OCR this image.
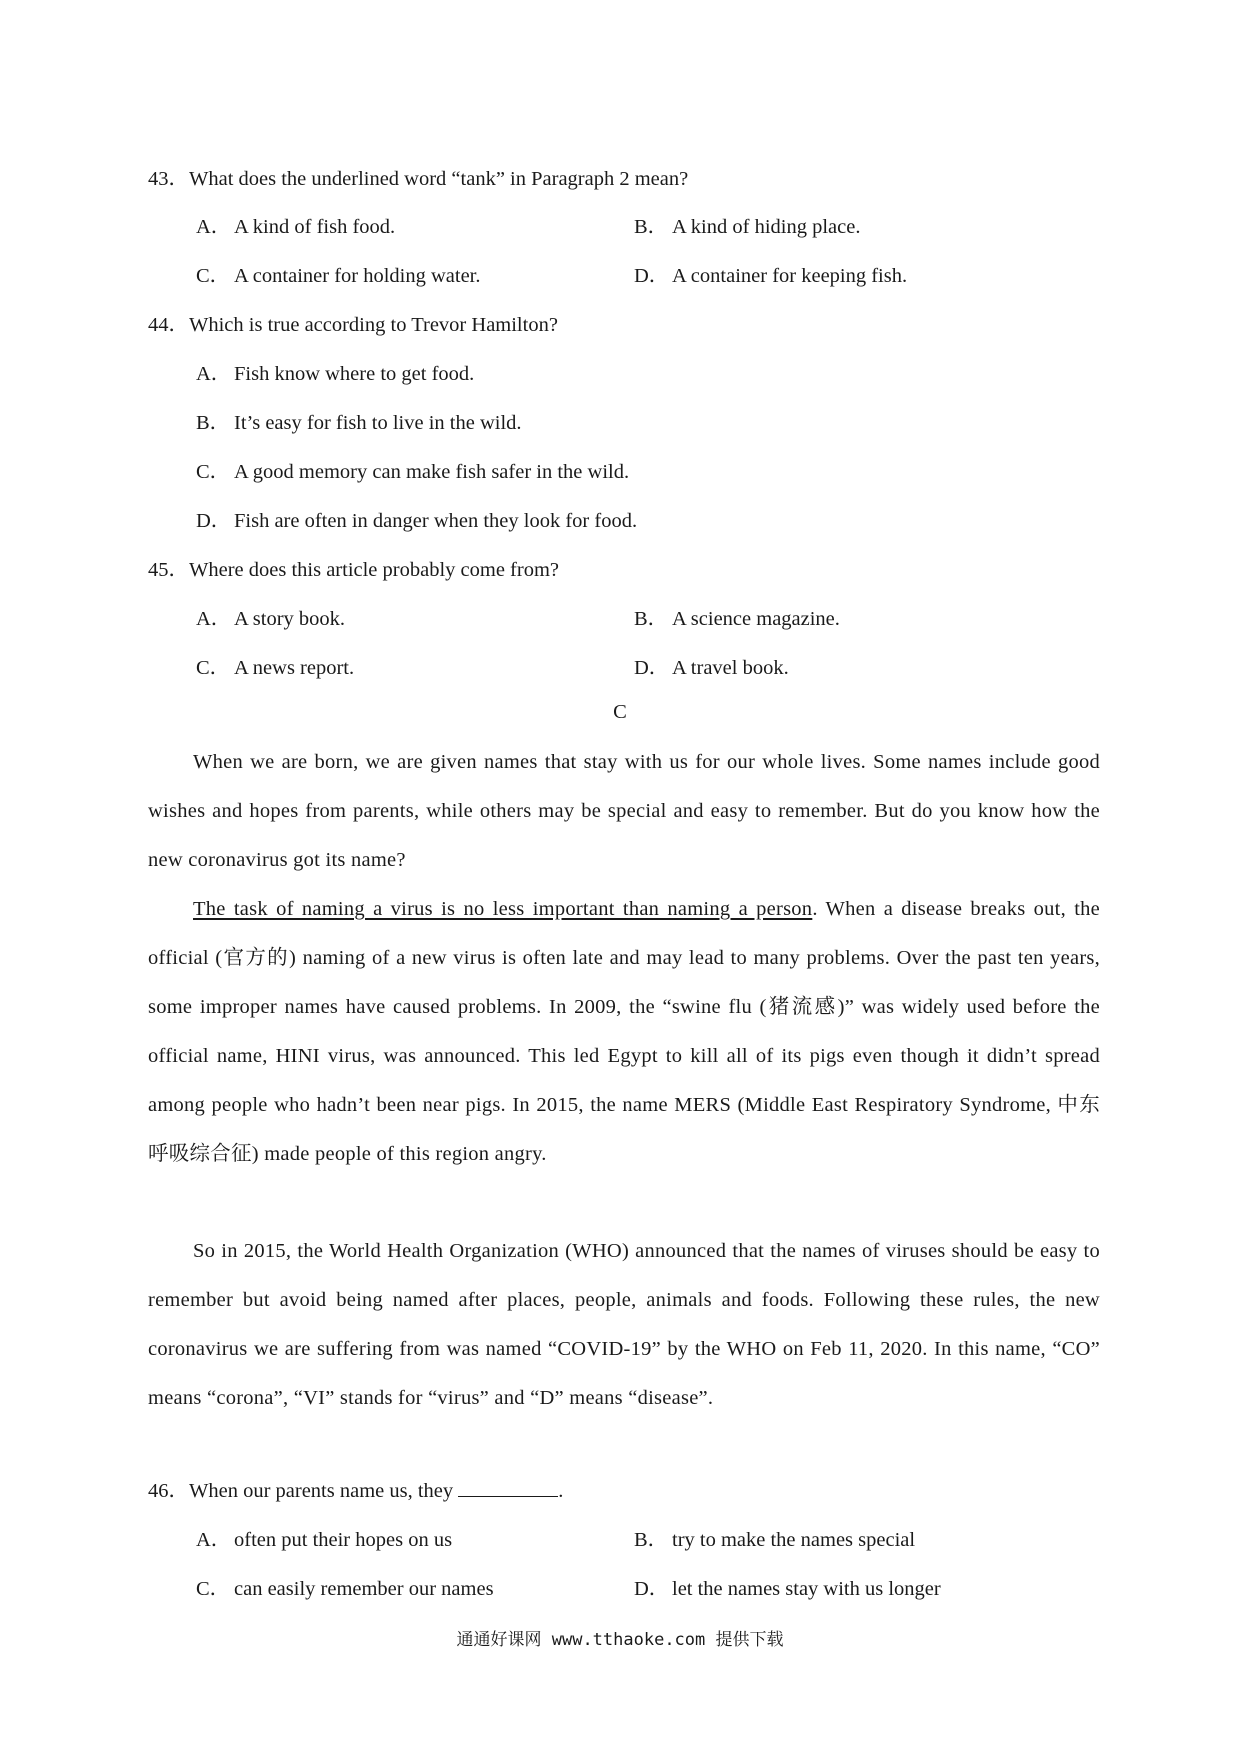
43．What does the underlined word “tank” in Paragraph 2 mean?
A． A kind of fish food.	B． A kind of hiding place.
C． A container for holding water.	D． A container for keeping fish.
44．Which is true according to Trevor Hamilton?
A． Fish know where to get food.
B． It’s easy for fish to live in the wild.
C． A good memory can make fish safer in the wild.
D． Fish are often in danger when they look for food.
45．Where does this article probably come from?
A． A story book.	B． A science magazine.
C． A news report.	D． A travel book.
C
When we are born, we are given names that stay with us for our whole lives. Some names include good wishes and hopes from parents, while others may be special and easy to remember. But do you know how the new coronavirus got its name?
The task of naming a virus is no less important than naming a person. When a disease breaks out, the official (官方的) naming of a new virus is often late and may lead to many problems. Over the past ten years, some improper names have caused problems. In 2009, the “swine flu (猪流感)” was widely used before the official name, HINI virus, was announced. This led Egypt to kill all of its pigs even though it didn’t spread among people who hadn’t been near pigs. In 2015, the name MERS (Middle East Respiratory Syndrome, 中东呼吸综合征) made people of this region angry.
So in 2015, the World Health Organization (WHO) announced that the names of viruses should be easy to remember but avoid being named after places, people, animals and foods. Following these rules, the new coronavirus we are suffering from was named “COVID-19” by the WHO on Feb 11, 2020. In this name, “CO” means “corona”, “VI” stands for “virus” and “D” means “disease”.
46．When our parents name us, they	.
A． often put their hopes on us	B． try to make the names special
C． can easily remember our names	D． let the names stay with us longer
通通好课网 www.tthaoke.com 提供下载
